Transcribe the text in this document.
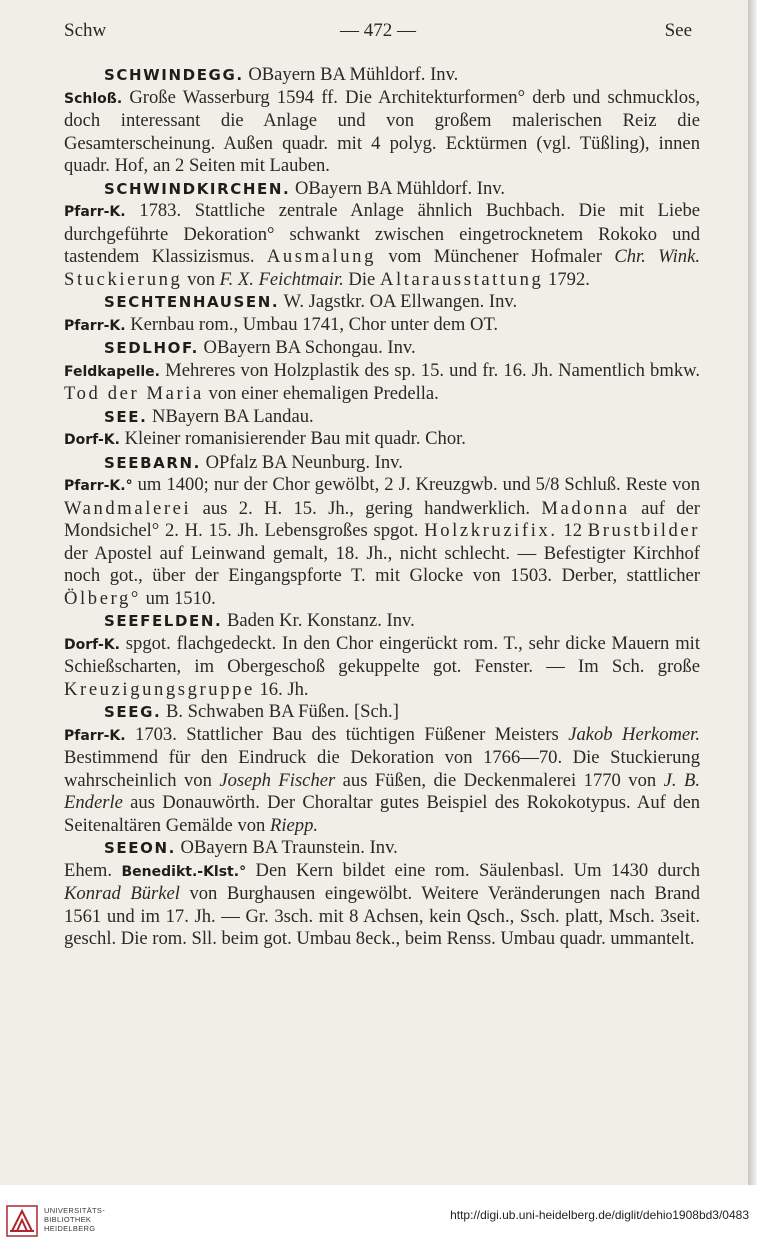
Schw	— 472 —	See

SCHWINDEGG. OBayern BA Mühldorf. Inv.
Schloß. Große Wasserburg 1594 ff. Die Architekturformen° derb und schmucklos, doch interessant die Anlage und von großem malerischen Reiz die Gesamterscheinung. Außen quadr. mit 4 polyg. Ecktürmen (vgl. Tüßling), innen quadr. Hof, an 2 Seiten mit Lauben.

SCHWINDKIRCHEN. OBayern BA Mühldorf. Inv.
Pfarr-K. 1783. Stattliche zentrale Anlage ähnlich Buchbach. Die mit Liebe durchgeführte Dekoration° schwankt zwischen eingetrocknetem Rokoko und tastendem Klassizismus. Ausmalung vom Münchener Hofmaler Chr. Wink. Stuckierung von F. X. Feichtmair. Die Altarausstattung 1792.

SECHTENHAUSEN. W. Jagstkr. OA Ellwangen. Inv.
Pfarr-K. Kernbau rom., Umbau 1741, Chor unter dem OT.

SEDLHOF. OBayern BA Schongau. Inv.
Feldkapelle. Mehreres von Holzplastik des sp. 15. und fr. 16. Jh. Namentlich bmkw. Tod der Maria von einer ehemaligen Predella.

SEE. NBayern BA Landau.
Dorf-K. Kleiner romanisierender Bau mit quadr. Chor.

SEEBARN. OPfalz BA Neunburg. Inv.
Pfarr-K.° um 1400; nur der Chor gewölbt, 2 J. Kreuzgwb. und 5/8 Schluß. Reste von Wandmalerei aus 2. H. 15. Jh., gering handwerklich. Madonna auf der Mondsichel° 2. H. 15. Jh. Lebensgroßes spgot. Holzkruzifix. 12 Brustbilder der Apostel auf Leinwand gemalt, 18. Jh., nicht schlecht. — Befestigter Kirchhof noch got., über der Eingangspforte T. mit Glocke von 1503. Derber, stattlicher Ölberg° um 1510.

SEEFELDEN. Baden Kr. Konstanz. Inv.
Dorf-K. spgot. flachgedeckt. In den Chor eingerückt rom. T., sehr dicke Mauern mit Schießscharten, im Obergeschoß gekuppelte got. Fenster. — Im Sch. große Kreuzigungsgruppe 16. Jh.

SEEG. B. Schwaben BA Füßen. [Sch.]
Pfarr-K. 1703. Stattlicher Bau des tüchtigen Füßener Meisters Jakob Herkomer. Bestimmend für den Eindruck die Dekoration von 1766—70. Die Stuckierung wahrscheinlich von Joseph Fischer aus Füßen, die Deckenmalerei 1770 von J. B. Enderle aus Donauwörth. Der Choraltar gutes Beispiel des Rokokotypus. Auf den Seitenaltären Gemälde von Riepp.

SEEON. OBayern BA Traunstein. Inv.
Ehem. Benedikt.-Klst.° Den Kern bildet eine rom. Säulenbasl. Um 1430 durch Konrad Bürkel von Burghausen eingewölbt. Weitere Veränderungen nach Brand 1561 und im 17. Jh. — Gr. 3sch. mit 8 Achsen, kein Qsch., Ssch. platt, Msch. 3seit. geschl. Die rom. Sll. beim got. Umbau 8eck., beim Renss. Umbau quadr. ummantelt.

UNIVERSITÄTS-
BIBLIOTHEK
HEIDELBERG
http://digi.ub.uni-heidelberg.de/diglit/dehio1908bd3/0483
